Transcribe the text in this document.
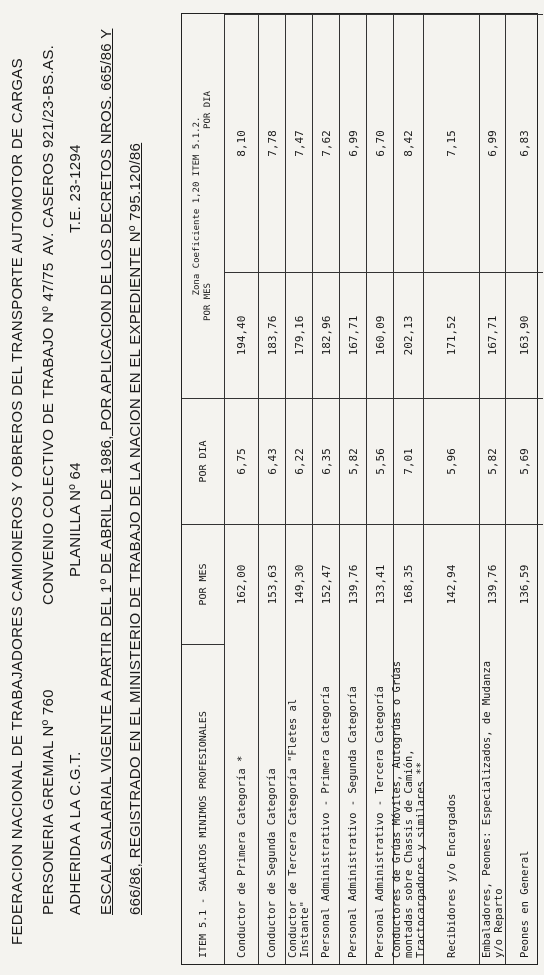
FEDERACION NACIONAL DE TRABAJADORES CAMIONEROS Y OBREROS DEL TRANSPORTE AUTOMOTOR DE CARGAS PERSONERIA GREMIAL Nº 760
CONVENIO COLECTIVO DE TRABAJO Nº 47/75
AV. CASEROS 921/23-BS.AS.
ADHERIDA A LA C.G.T.
PLANILLA Nº 64
T.E. 23-1294 ESCALA SALARIAL VIGENTE A PARTIR DEL 1º DE ABRIL DE 1986, POR APLICACION DE LOS DECRETOS NROS. 665/86 Y 666/86, REGISTRADO EN EL MINISTERIO DE TRABAJO DE LA NACION EN EL EXPEDIENTE Nº 795.120/86	ITEM 5.1 - SALARIOS MINIMOS PROFESIONALES
POR MES
POR DIA
Zona Coeficiente 1,20 ITEM 5.1.2.
POR MES
POR DIA
Conductor de Primera Categoría *
162,00
6,75
194,40
8,10
Conductor de Segunda Categoría
153,63
6,43
183,76
7,78
Conductor de Tercera Categoría "Fletes al Instante"
149,30
6,22
179,16
7,47
Personal Administrativo - Primera Categoría
152,47
6,35
182,96
7,62
Personal Administrativo - Segunda Categoría
139,76
5,82
167,71
6,99
Personal Administrativo - Tercera Categoría
133,41
5,56
160,09
6,70
Conductores de Grúas Móviles, Autogrúas o Grúas montadas sobre Chassis de Camión, Tractocargadores y similares **
168,35
7,01
202,13
8,42
Recibidores y/o Encargados
142,94
5,96
171,52
7,15
Embaladores, Peones: Especializados, de Mudanza y/o Reparto
139,76
5,82
167,71
6,99
Peones en General
136,59
5,69
163,90
6,83
